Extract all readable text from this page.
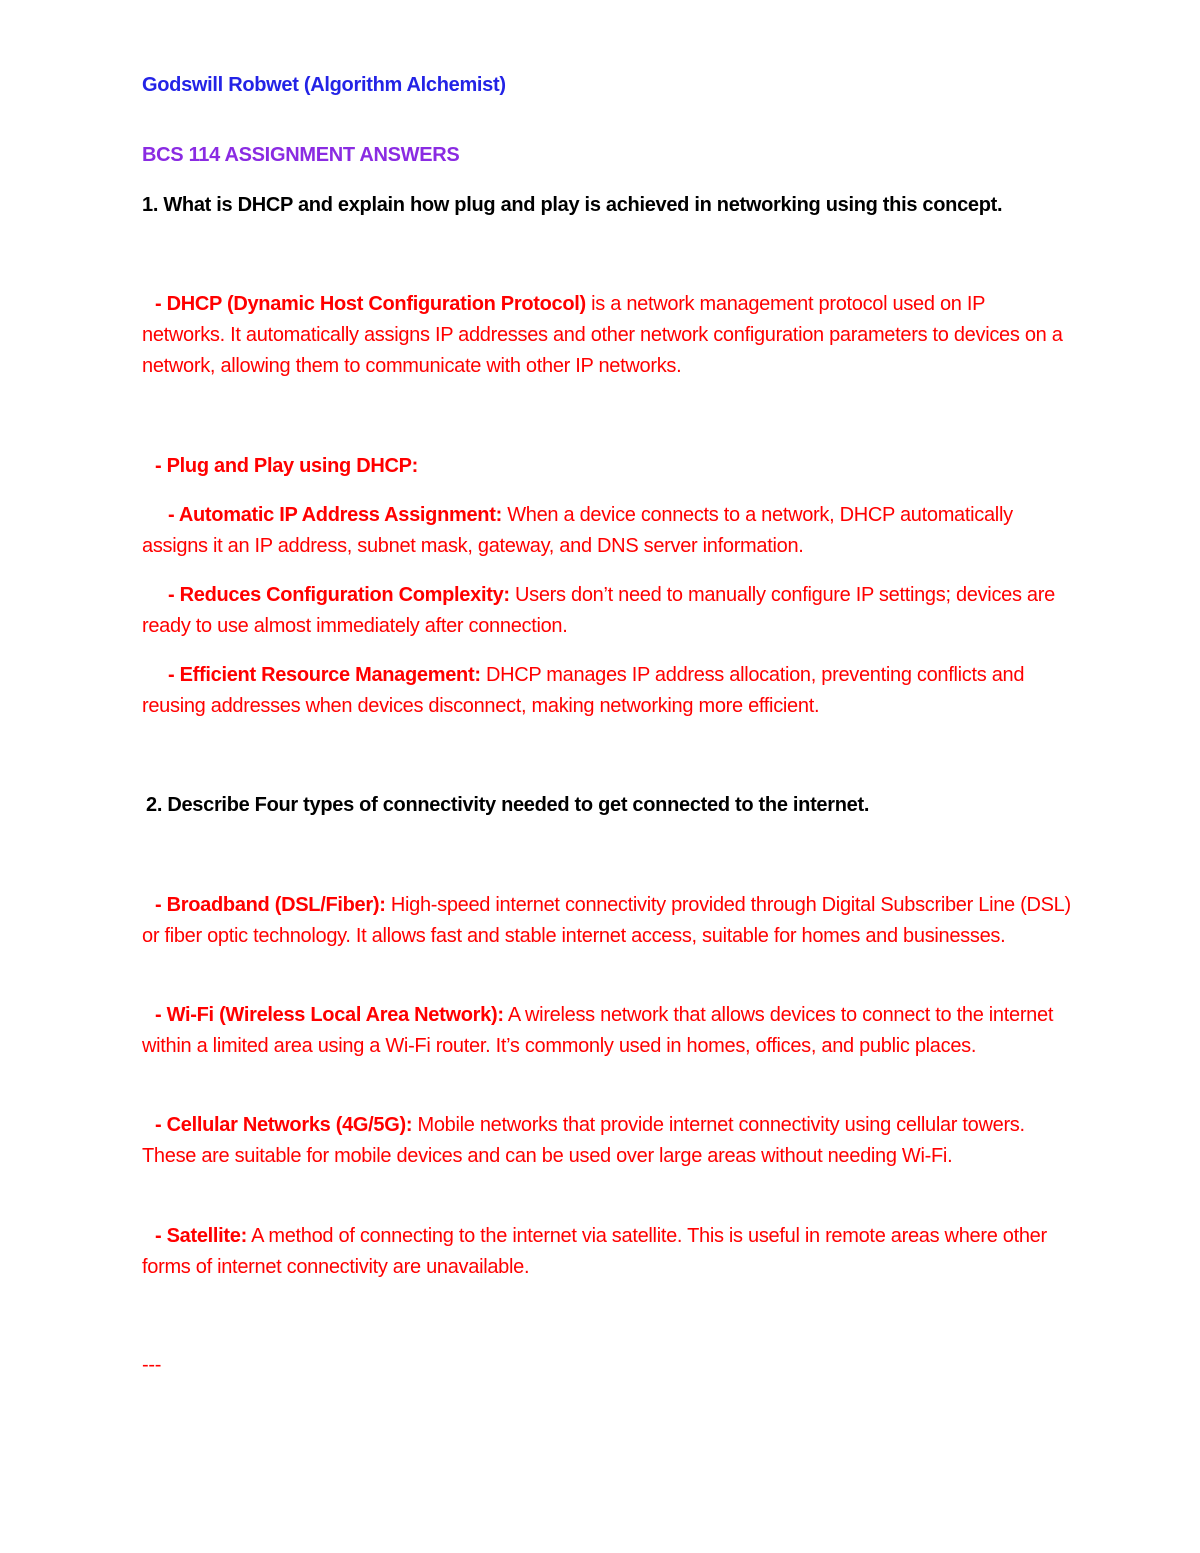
Godswill Robwet (Algorithm Alchemist)

BCS 114 ASSIGNMENT ANSWERS

1. What is DHCP and explain how plug and play is achieved in networking using this concept.

- DHCP (Dynamic Host Configuration Protocol) is a network management protocol used on IP networks. It automatically assigns IP addresses and other network configuration parameters to devices on a network, allowing them to communicate with other IP networks.

- Plug and Play using DHCP:

- Automatic IP Address Assignment: When a device connects to a network, DHCP automatically assigns it an IP address, subnet mask, gateway, and DNS server information.

- Reduces Configuration Complexity: Users don’t need to manually configure IP settings; devices are ready to use almost immediately after connection.

- Efficient Resource Management: DHCP manages IP address allocation, preventing conflicts and reusing addresses when devices disconnect, making networking more efficient.

2. Describe Four types of connectivity needed to get connected to the internet.

- Broadband (DSL/Fiber): High-speed internet connectivity provided through Digital Subscriber Line (DSL) or fiber optic technology. It allows fast and stable internet access, suitable for homes and businesses.

- Wi-Fi (Wireless Local Area Network): A wireless network that allows devices to connect to the internet within a limited area using a Wi-Fi router. It’s commonly used in homes, offices, and public places.

- Cellular Networks (4G/5G): Mobile networks that provide internet connectivity using cellular towers. These are suitable for mobile devices and can be used over large areas without needing Wi-Fi.

- Satellite: A method of connecting to the internet via satellite. This is useful in remote areas where other forms of internet connectivity are unavailable.

---
